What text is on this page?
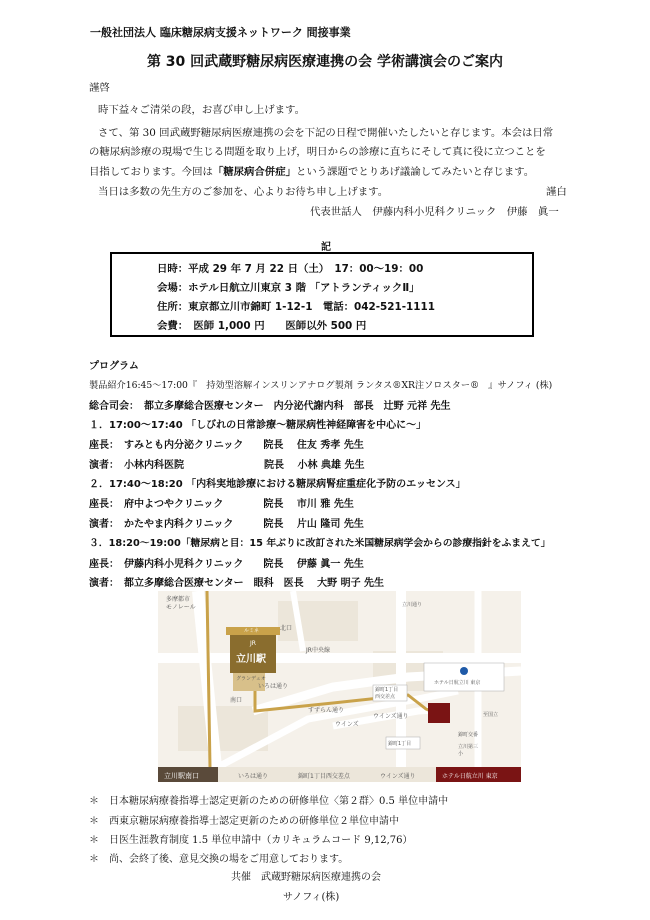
一般社団法人 臨床糖尿病支援ネットワーク 間接事業
第 30 回武蔵野糖尿病医療連携の会 学術講演会のご案内
謹啓
時下益々ご清栄の段，お喜び申し上げます。
さて、第 30 回武蔵野糖尿病医療連携の会を下記の日程で開催いたしたいと存じます。本会は日常
の糖尿病診療の現場で生じる問題を取り上げ，明日からの診療に直ちにそして真に役に立つことを
目指しております。今回は「糖尿病合併症」という課題でとりあげ議論してみたいと存じます。
当日は多数の先生方のご参加を、心よりお待ち申し上げます。	謹白
代表世話人　伊藤内科小児科クリニック　伊藤　眞一
記
日時：平成 29 年 7 月 22 日（土）　17：00～19：00
会場：ホテル日航立川東京 3 階 「アトランティックⅡ」
住所：東京都立川市錦町 1-12-1　電話：042-521-1111
会費：　医師 1,000 円　　医師以外 500 円
プログラム
製品紹介16:45～17:00『　持効型溶解インスリンアナログ製剤 ランタス®XR注ソロスター®　』サノフィ (株)
総合司会：　都立多摩総合医療センター　内分泌代謝内科　部長　辻野 元祥 先生
１．17:00～17:40 「しびれの日常診療～糖尿病性神経障害を中心に～」
座長：　すみとも内分泌クリニック　　院長　 住友 秀孝 先生
演者：　小林内科医院　　　　　　　　院長　 小林 典雄 先生
２．17:40～18:20 「内科実地診療における糖尿病腎症重症化予防のエッセンス」
座長：　府中よつやクリニック　　　　院長　 市川 雅 先生
演者：　かたやま内科クリニック　　　院長　 片山 隆司 先生
３．18:20～19:00「糖尿病と目：15 年ぶりに改訂された米国糖尿病学会からの診療指針をふまえて」
座長：　伊藤内科小児科クリニック　　院長　 伊藤 眞一 先生
演者：　都立多摩総合医療センター　眼科　医長　 大野 明子 先生
多摩都市
モノレール
北口
ルミネ
JR
立川駅
JR中央線
グランデュオ
南口
いろは通り
すずらん通り
ウインズ
ウインズ通り
錦町1丁目
西交差点
錦町1丁目
ホテル日航立川 東京
至国立
錦町交番
立川第三
小
立川通り
立川駅南口	いろは通り	錦町1丁目西交差点	ウインズ通り	ホテル日航立川 東京
＊　日本糖尿病療養指導士認定更新のための研修単位〈第２群〉0.5 単位申請中
＊　西東京糖尿病療養指導士認定更新のための研修単位２単位申請中
＊　日医生涯教育制度 1.5 単位申請中（カリキュラムコード 9,12,76）
＊　尚、会終了後、意見交換の場をご用意しております。
共催　武蔵野糖尿病医療連携の会
サノフィ(株)
